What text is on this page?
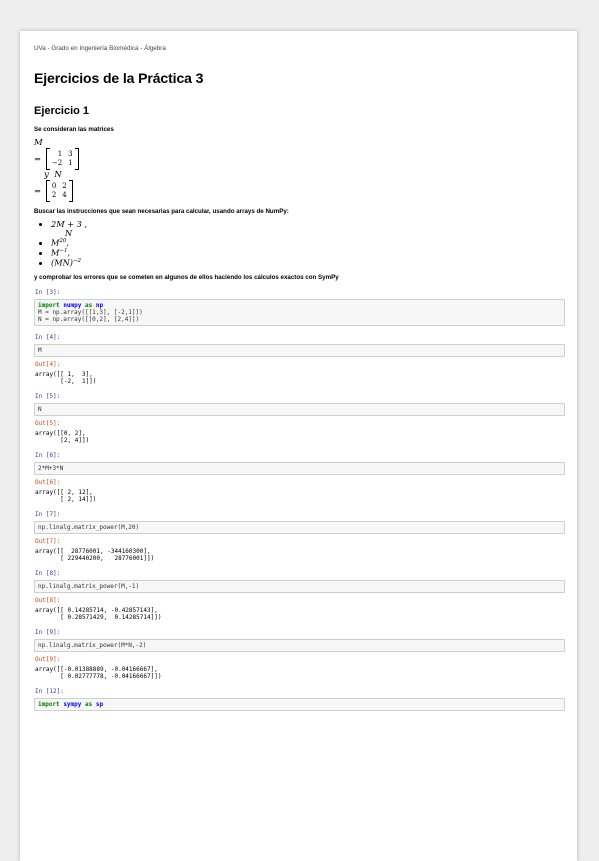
UVa - Grado en Ingeniería Biomédica - Álgebra
Ejercicios de la Práctica 3
Ejercicio 1

Se consideran las matrices

M
=
1 3
−2 1
y N
=
0 2
2 4

Buscar las instrucciones que sean necesarias para calcular, usando arrays de NumPy:

• 2M + 3 ,
N
• $M^{20}$,
• $M^{-1}$,
• (MN)$^{-2}$

y comprobar los errores que se cometen en algunos de ellos haciendo los cálculos exactos con SymPy

In [3]:
import numpy as np
M = np.array([[1,3], [-2,1]])
N = np.array([[0,2], [2,4]])
In [4]:
M
Out[4]:
array([[ 1,  3],
[-2,  1]])
In [5]:
N
Out[5]:
array([[0, 2],
[2, 4]])
In [6]:
2*M+3*N
Out[6]:
array([[ 2, 12],
[ 2, 14]])
In [7]:
np.linalg.matrix_power(M,20)
Out[7]:
array([[  28776001, -344160300],
[ 229440200,   28776001]])
In [8]:
np.linalg.matrix_power(M,-1)
Out[8]:
array([[ 0.14285714, -0.42857143],
[ 0.28571429,  0.14285714]])
In [9]:
np.linalg.matrix_power(M*N,-2)
Out[9]:
array([[-0.01388889, -0.04166667],
[ 0.02777778, -0.04166667]])
In [12]:
import sympy as sp
